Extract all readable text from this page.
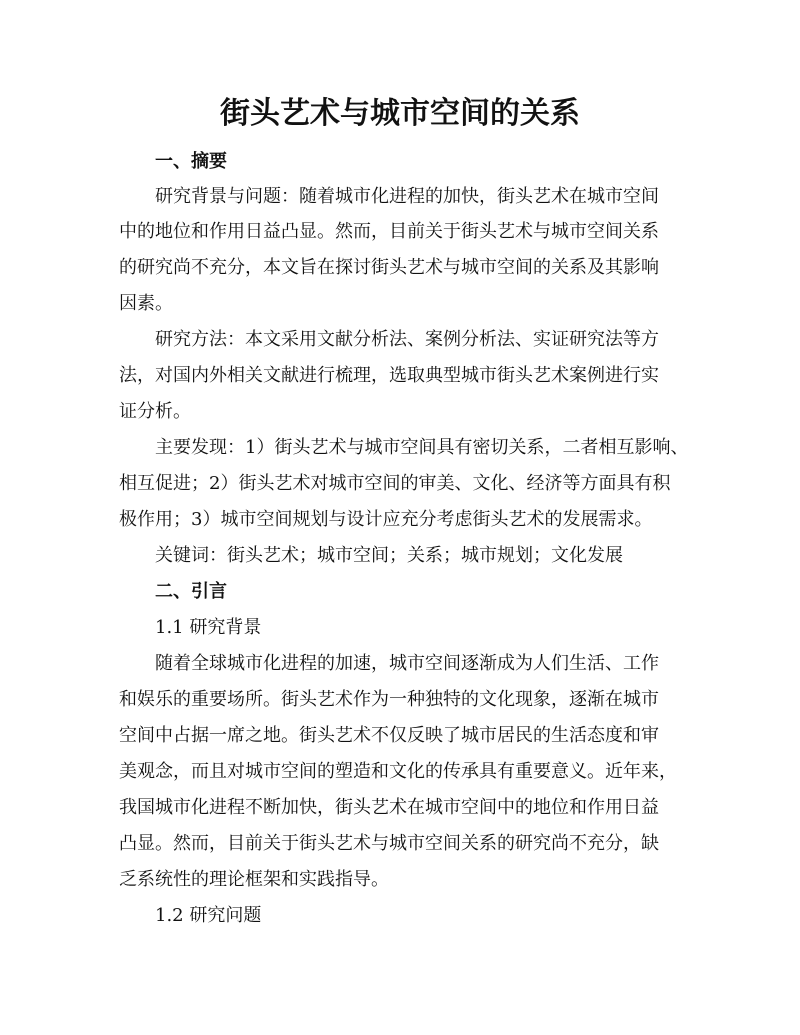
街头艺术与城市空间的关系
一、摘要
研究背景与问题：随着城市化进程的加快，街头艺术在城市空间
中的地位和作用日益凸显。然而，目前关于街头艺术与城市空间关系
的研究尚不充分，本文旨在探讨街头艺术与城市空间的关系及其影响
因素。
研究方法：本文采用文献分析法、案例分析法、实证研究法等方
法，对国内外相关文献进行梳理，选取典型城市街头艺术案例进行实
证分析。
主要发现：1）街头艺术与城市空间具有密切关系，二者相互影响、
相互促进；2）街头艺术对城市空间的审美、文化、经济等方面具有积
极作用；3）城市空间规划与设计应充分考虑街头艺术的发展需求。
关键词：街头艺术；城市空间；关系；城市规划；文化发展
二、引言
1.1 研究背景
随着全球城市化进程的加速，城市空间逐渐成为人们生活、工作
和娱乐的重要场所。街头艺术作为一种独特的文化现象，逐渐在城市
空间中占据一席之地。街头艺术不仅反映了城市居民的生活态度和审
美观念，而且对城市空间的塑造和文化的传承具有重要意义。近年来，
我国城市化进程不断加快，街头艺术在城市空间中的地位和作用日益
凸显。然而，目前关于街头艺术与城市空间关系的研究尚不充分，缺
乏系统性的理论框架和实践指导。
1.2 研究问题
